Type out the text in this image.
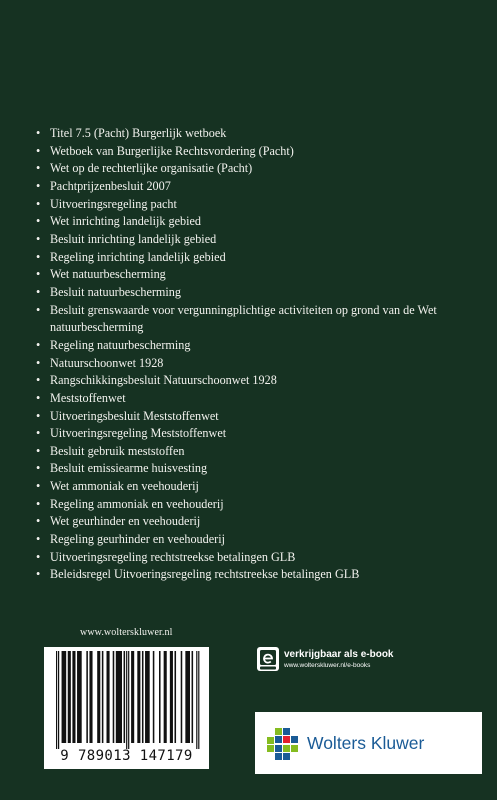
• Titel 7.5 (Pacht) Burgerlijk wetboek
• Wetboek van Burgerlijke Rechtsvordering (Pacht)
• Wet op de rechterlijke organisatie (Pacht)
• Pachtprijzenbesluit 2007
• Uitvoeringsregeling pacht
• Wet inrichting landelijk gebied
• Besluit inrichting landelijk gebied
• Regeling inrichting landelijk gebied
• Wet natuurbescherming
• Besluit natuurbescherming
• Besluit grenswaarde voor vergunningplichtige activiteiten op grond van de Wet natuurbescherming
• Regeling natuurbescherming
• Natuurschoonwet 1928
• Rangschikkingsbesluit Natuurschoonwet 1928
• Meststoffenwet
• Uitvoeringsbesluit Meststoffenwet
• Uitvoeringsregeling Meststoffenwet
• Besluit gebruik meststoffen
• Besluit emissiearme huisvesting
• Wet ammoniak en veehouderij
• Regeling ammoniak en veehouderij
• Wet geurhinder en veehouderij
• Regeling geurhinder en veehouderij
• Uitvoeringsregeling rechtstreekse betalingen GLB
• Beleidsregel Uitvoeringsregeling rechtstreekse betalingen GLB
www.wolterskluwer.nl
9 789013 147179
verkrijgbaar als e-book
www.wolterskluwer.nl/e-books
Wolters Kluwer
